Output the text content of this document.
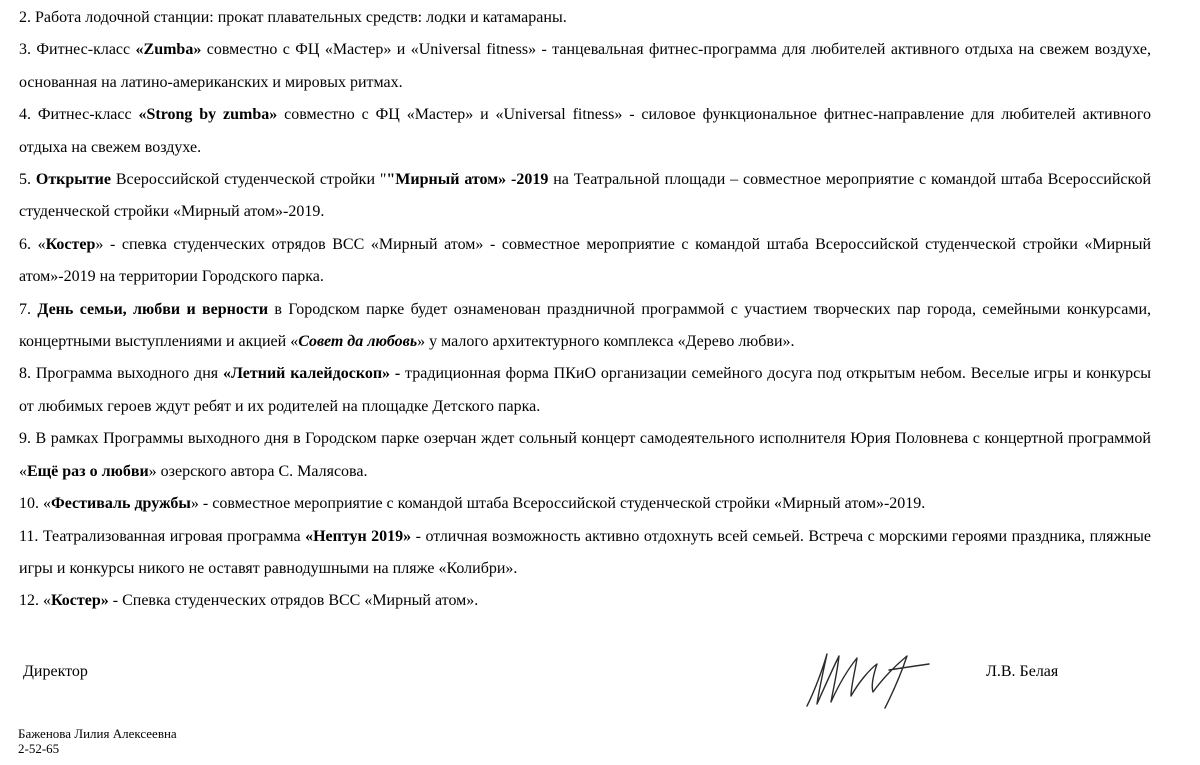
2. Работа лодочной станции: прокат плавательных средств: лодки и катамараны.

3. Фитнес-класс «Zumba» совместно с ФЦ «Мастер» и «Universal fitness» - танцевальная фитнес-программа для любителей активного отдыха на свежем воздухе, основанная на латино-американских и мировых ритмах.

4. Фитнес-класс «Strong by zumba» совместно с ФЦ «Мастер» и «Universal fitness» - силовое функциональное фитнес-направление для любителей активного отдыха на свежем воздухе.

5. Открытие Всероссийской студенческой стройки ""Мирный атом» -2019 на Театральной площади – совместное мероприятие с командой штаба Всероссийской студенческой стройки «Мирный атом»-2019.

6. «Костер» - спевка студенческих отрядов ВСС «Мирный атом» - совместное мероприятие с командой штаба Всероссийской студенческой стройки «Мирный атом»-2019 на территории Городского парка.

7. День семьи, любви и верности в Городском парке будет ознаменован праздничной программой с участием творческих пар города, семейными конкурсами, концертными выступлениями и акцией «Совет да любовь» у малого архитектурного комплекса «Дерево любви».

8. Программа выходного дня «Летний калейдоскоп» - традиционная форма ПКиО организации семейного досуга под открытым небом. Веселые игры и конкурсы от любимых героев ждут ребят и их родителей на площадке Детского парка.

9. В рамках Программы выходного дня в Городском парке озерчан ждет сольный концерт самодеятельного исполнителя Юрия Половнева с концертной программой «Ещё раз о любви» озерского автора С. Малясова.

10. «Фестиваль дружбы» - совместное мероприятие с командой штаба Всероссийской студенческой стройки «Мирный атом»-2019.

11. Театрализованная игровая программа «Нептун 2019» - отличная возможность активно отдохнуть всей семьей. Встреча с морскими героями праздника, пляжные игры и конкурсы никого не оставят равнодушными на пляже «Колибри».

12. «Костер» - Спевка студенческих отрядов ВСС «Мирный атом».

Директор	Л.В. Белая
Баженова Лилия Алексеевна
2-52-65
